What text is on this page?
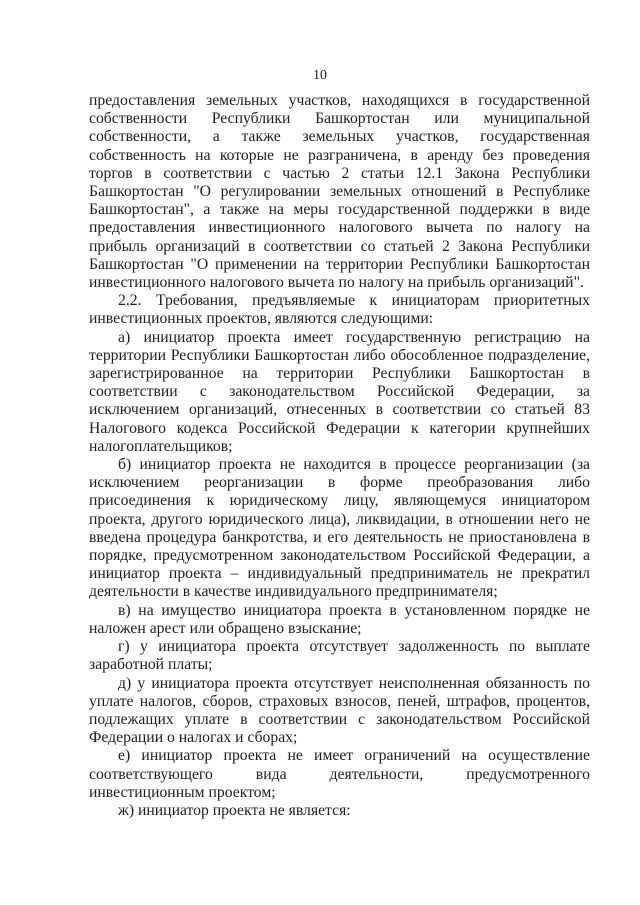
10

предоставления земельных участков, находящихся в государственной собственности Республики Башкортостан или муниципальной собственности, а также земельных участков, государственная собственность на которые не разграничена, в аренду без проведения торгов в соответствии с частью 2 статьи 12.1 Закона Республики Башкортостан "О регулировании земельных отношений в Республике Башкортостан", а также на меры государственной поддержки в виде предоставления инвестиционного налогового вычета по налогу на прибыль организаций в соответствии со статьей 2 Закона Республики Башкортостан "О применении на территории Республики Башкортостан инвестиционного налогового вычета по налогу на прибыль организаций".

2.2. Требования, предъявляемые к инициаторам приоритетных инвестиционных проектов, являются следующими:

а) инициатор проекта имеет государственную регистрацию на территории Республики Башкортостан либо обособленное подразделение, зарегистрированное на территории Республики Башкортостан в соответствии с законодательством Российской Федерации, за исключением организаций, отнесенных в соответствии со статьей 83 Налогового кодекса Российской Федерации к категории крупнейших налогоплательщиков;

б) инициатор проекта не находится в процессе реорганизации (за исключением реорганизации в форме преобразования либо присоединения к юридическому лицу, являющемуся инициатором проекта, другого юридического лица), ликвидации, в отношении него не введена процедура банкротства, и его деятельность не приостановлена в порядке, предусмотренном законодательством Российской Федерации, а инициатор проекта – индивидуальный предприниматель не прекратил деятельности в качестве индивидуального предпринимателя;

в) на имущество инициатора проекта в установленном порядке не наложен арест или обращено взыскание;

г) у инициатора проекта отсутствует задолженность по выплате заработной платы;

д) у инициатора проекта отсутствует неисполненная обязанность по уплате налогов, сборов, страховых взносов, пеней, штрафов, процентов, подлежащих уплате в соответствии с законодательством Российской Федерации о налогах и сборах;

е) инициатор проекта не имеет ограничений на осуществление соответствующего вида деятельности, предусмотренного инвестиционным проектом;

ж) инициатор проекта не является:
